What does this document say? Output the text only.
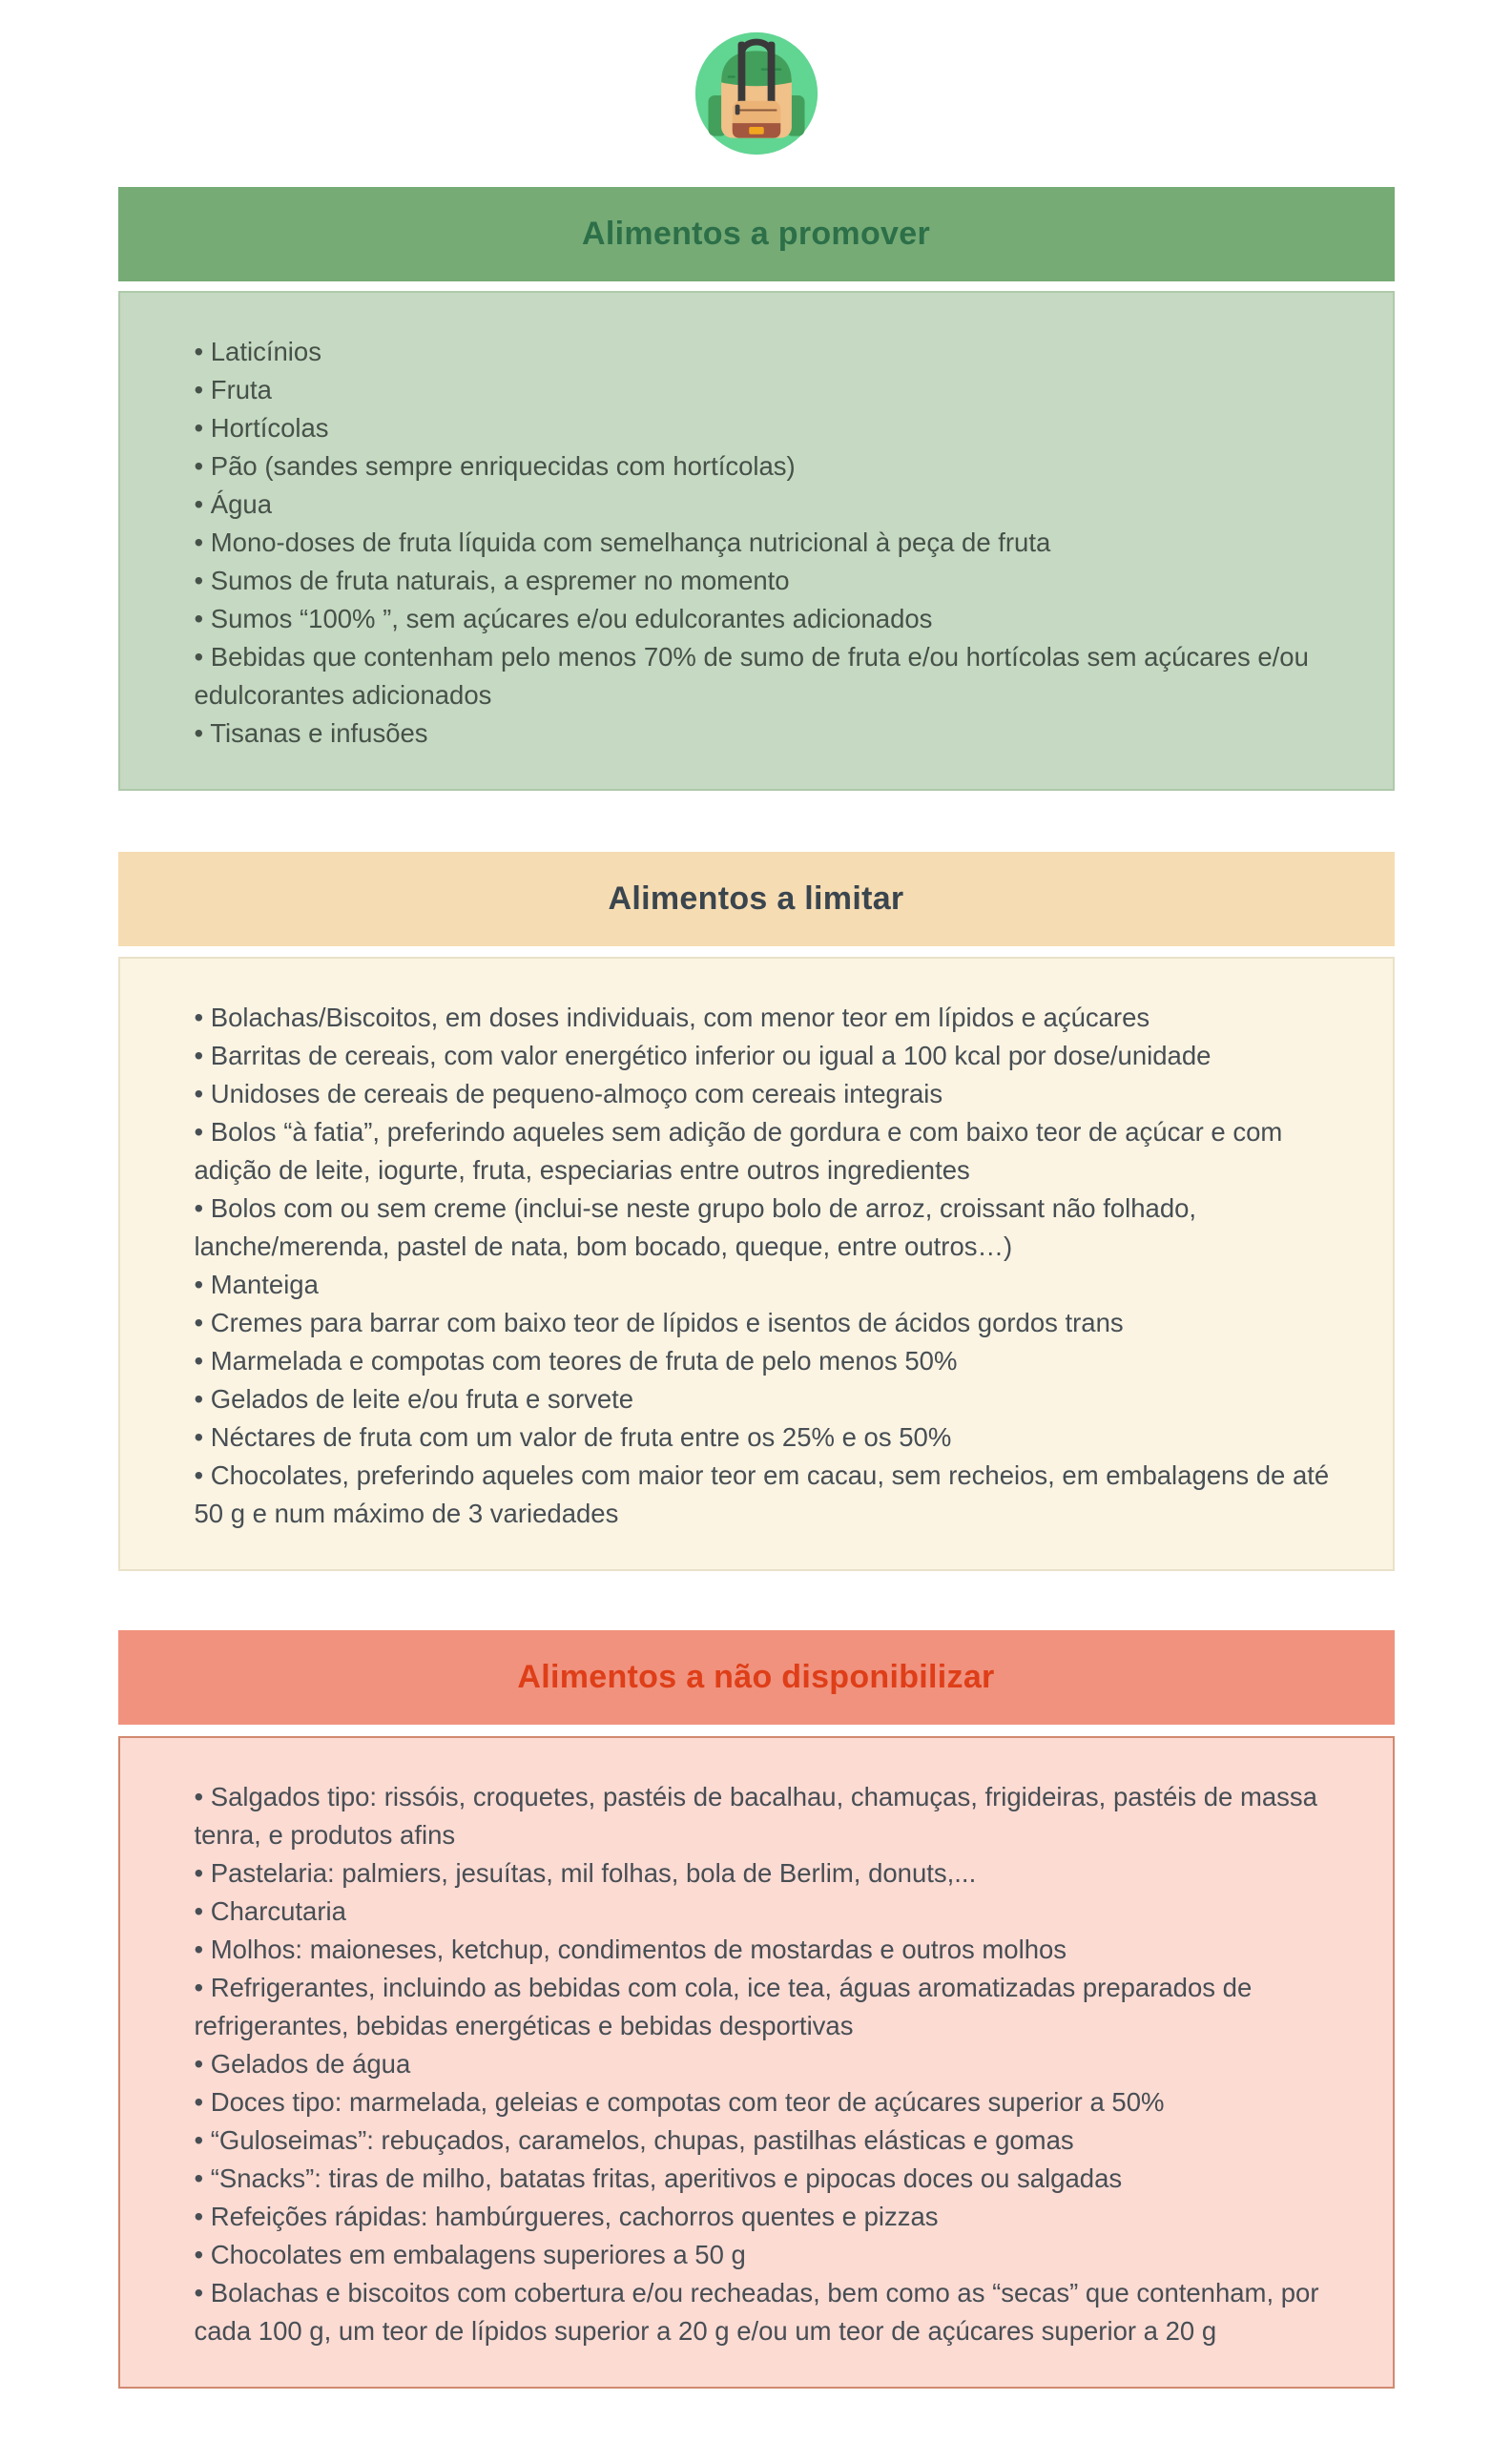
Alimentos a promover
• Laticínios
• Fruta
• Hortícolas
• Pão (sandes sempre enriquecidas com hortícolas)
• Água
• Mono-doses de fruta líquida com semelhança nutricional à peça de fruta
• Sumos de fruta naturais, a espremer no momento
• Sumos “100% ”, sem açúcares e/ou edulcorantes adicionados
• Bebidas que contenham pelo menos 70% de sumo de fruta e/ou hortícolas sem açúcares e/ou edulcorantes adicionados
• Tisanas e infusões
Alimentos a limitar
• Bolachas/Biscoitos, em doses individuais, com menor teor em lípidos e açúcares
• Barritas de cereais, com valor energético inferior ou igual a 100 kcal por dose/unidade
• Unidoses de cereais de pequeno-almoço com cereais integrais
• Bolos “à fatia”, preferindo aqueles sem adição de gordura e com baixo teor de açúcar e com adição de leite, iogurte, fruta, especiarias entre outros ingredientes
• Bolos com ou sem creme (inclui-se neste grupo bolo de arroz, croissant não folhado, lanche/merenda, pastel de nata, bom bocado, queque, entre outros…)
• Manteiga
• Cremes para barrar com baixo teor de lípidos e isentos de ácidos gordos trans
• Marmelada e compotas com teores de fruta de pelo menos 50%
• Gelados de leite e/ou fruta e sorvete
• Néctares de fruta com um valor de fruta entre os 25% e os 50%
• Chocolates, preferindo aqueles com maior teor em cacau, sem recheios, em embalagens de até 50 g e num máximo de 3 variedades
Alimentos a não disponibilizar
• Salgados tipo: rissóis, croquetes, pastéis de bacalhau, chamuças, frigideiras, pastéis de massa tenra, e produtos afins
• Pastelaria: palmiers, jesuítas, mil folhas, bola de Berlim, donuts,...
• Charcutaria
• Molhos: maioneses, ketchup, condimentos de mostardas e outros molhos
• Refrigerantes, incluindo as bebidas com cola, ice tea, águas aromatizadas preparados de refrigerantes, bebidas energéticas e bebidas desportivas
• Gelados de água
• Doces tipo: marmelada, geleias e compotas com teor de açúcares superior a 50%
• “Guloseimas”: rebuçados, caramelos, chupas, pastilhas elásticas e gomas
• “Snacks”: tiras de milho, batatas fritas, aperitivos e pipocas doces ou salgadas
• Refeições rápidas: hambúrgueres, cachorros quentes e pizzas
• Chocolates em embalagens superiores a 50 g
• Bolachas e biscoitos com cobertura e/ou recheadas, bem como as “secas” que contenham, por cada 100 g, um teor de lípidos superior a 20 g e/ou um teor de açúcares superior a 20 g
